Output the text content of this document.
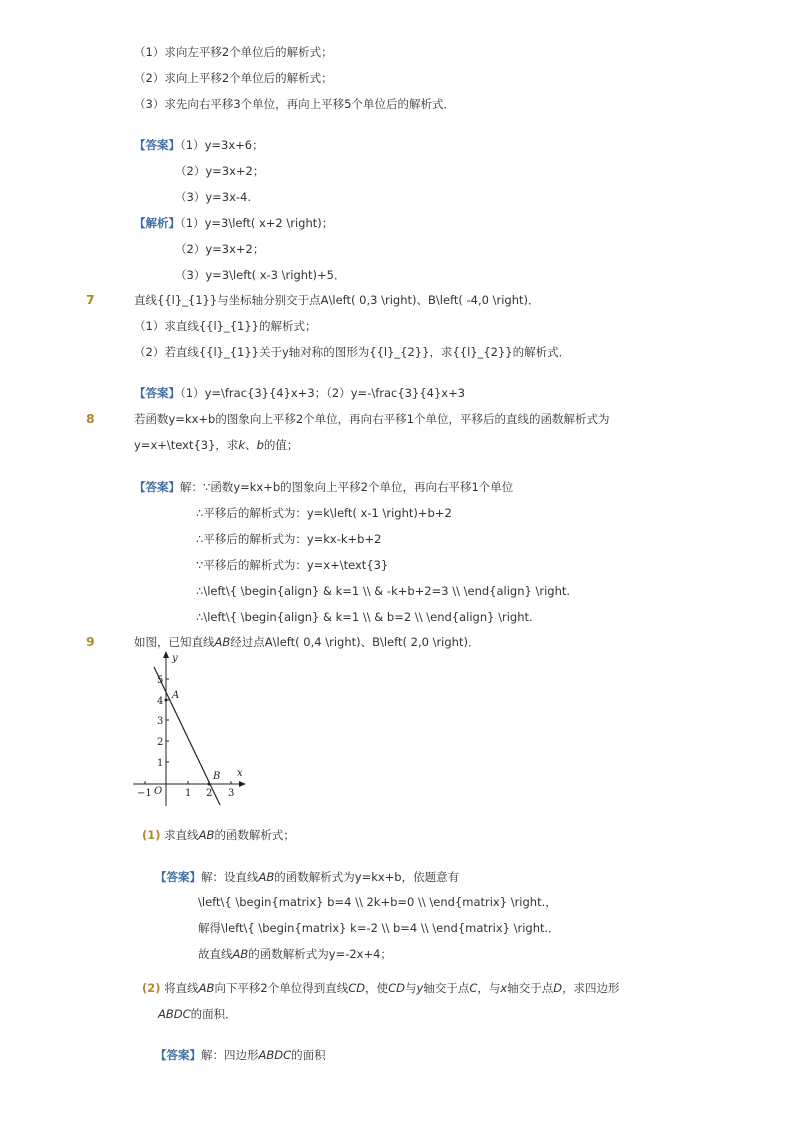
（1）求向左平移2个单位后的解析式；
（2）求向上平移2个单位后的解析式；
（3）求先向右平移3个单位，再向上平移5个单位后的解析式．
【答案】（1）y=3x+6；
（2）y=3x+2；
（3）y=3x-4.
【解析】（1）y=3\left( x+2 \right)；
（2）y=3x+2；
（3）y=3\left( x-3 \right)+5．
7	直线{{l}_{1}}与坐标轴分别交于点A\left( 0,3 \right)、B\left( -4,0 \right)．
（1）求直线{{l}_{1}}的解析式；
（2）若直线{{l}_{1}}关于y轴对称的图形为{{l}_{2}}，求{{l}_{2}}的解析式．
【答案】（1）y=\frac{3}{4}x+3；（2）y=-\frac{3}{4}x+3
8	若函数y=kx+b的图象向上平移2个单位，再向右平移1个单位，平移后的直线的函数解析式为
y=x+\text{3}，求k、b的值；
【答案】解：∵函数y=kx+b的图象向上平移2个单位，再向右平移1个单位
∴平移后的解析式为：y=k\left( x-1 \right)+b+2
∴平移后的解析式为：y=kx-k+b+2
∵平移后的解析式为：y=x+\text{3}
∴\left\{ \begin{align} & k=1 \\ & -k+b+2=3 \\ \end{align} \right.
∴\left\{ \begin{align} & k=1 \\ & b=2 \\ \end{align} \right.
9	如图，已知直线AB经过点A\left( 0,4 \right)、B\left( 2,0 \right)．
y
x
A
B
O
1
2
3
4
5
−1	1 2 3
(1) 求直线AB的函数解析式；
【答案】解：设直线AB的函数解析式为y=kx+b，依题意有
\left\{ \begin{matrix} b=4 \\ 2k+b=0 \\ \end{matrix} \right.，
解得\left\{ \begin{matrix} k=-2 \\ b=4 \\ \end{matrix} \right.．
故直线AB的函数解析式为y=-2x+4；
(2) 将直线AB向下平移2个单位得到直线CD，使CD与y轴交于点C，与x轴交于点D，求四边形
ABDC的面积．
【答案】解：四边形ABDC的面积
